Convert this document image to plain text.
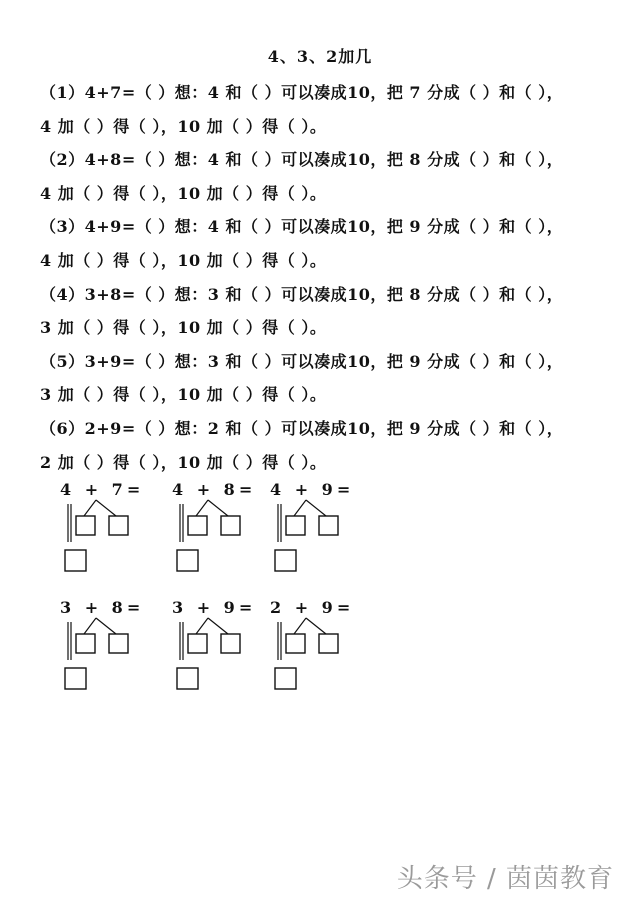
4、3、2加几
（1）4+7=（ ）想：4 和（ ）可以凑成10，把 7 分成（ ）和（ ），
4 加（ ）得（ ），10 加（ ）得（ ）。
（2）4+8=（ ）想：4 和（ ）可以凑成10，把 8 分成（ ）和（ ），
4 加（ ）得（ ），10 加（ ）得（ ）。
（3）4+9=（ ）想：4 和（ ）可以凑成10，把 9 分成（ ）和（ ），
4 加（ ）得（ ），10 加（ ）得（ ）。
（4）3+8=（ ）想：3 和（ ）可以凑成10，把 8 分成（ ）和（ ），
3 加（ ）得（ ），10 加（ ）得（ ）。
（5）3+9=（ ）想：3 和（ ）可以凑成10，把 9 分成（ ）和（ ），
3 加（ ）得（ ），10 加（ ）得（ ）。
（6）2+9=（ ）想：2 和（ ）可以凑成10，把 9 分成（ ）和（ ），
2 加（ ）得（ ），10 加（ ）得（ ）。
4 + 7= 4 + 8= 4 + 9=
3 + 8= 3 + 9= 2 + 9=
头条号 / 茵茵教育
